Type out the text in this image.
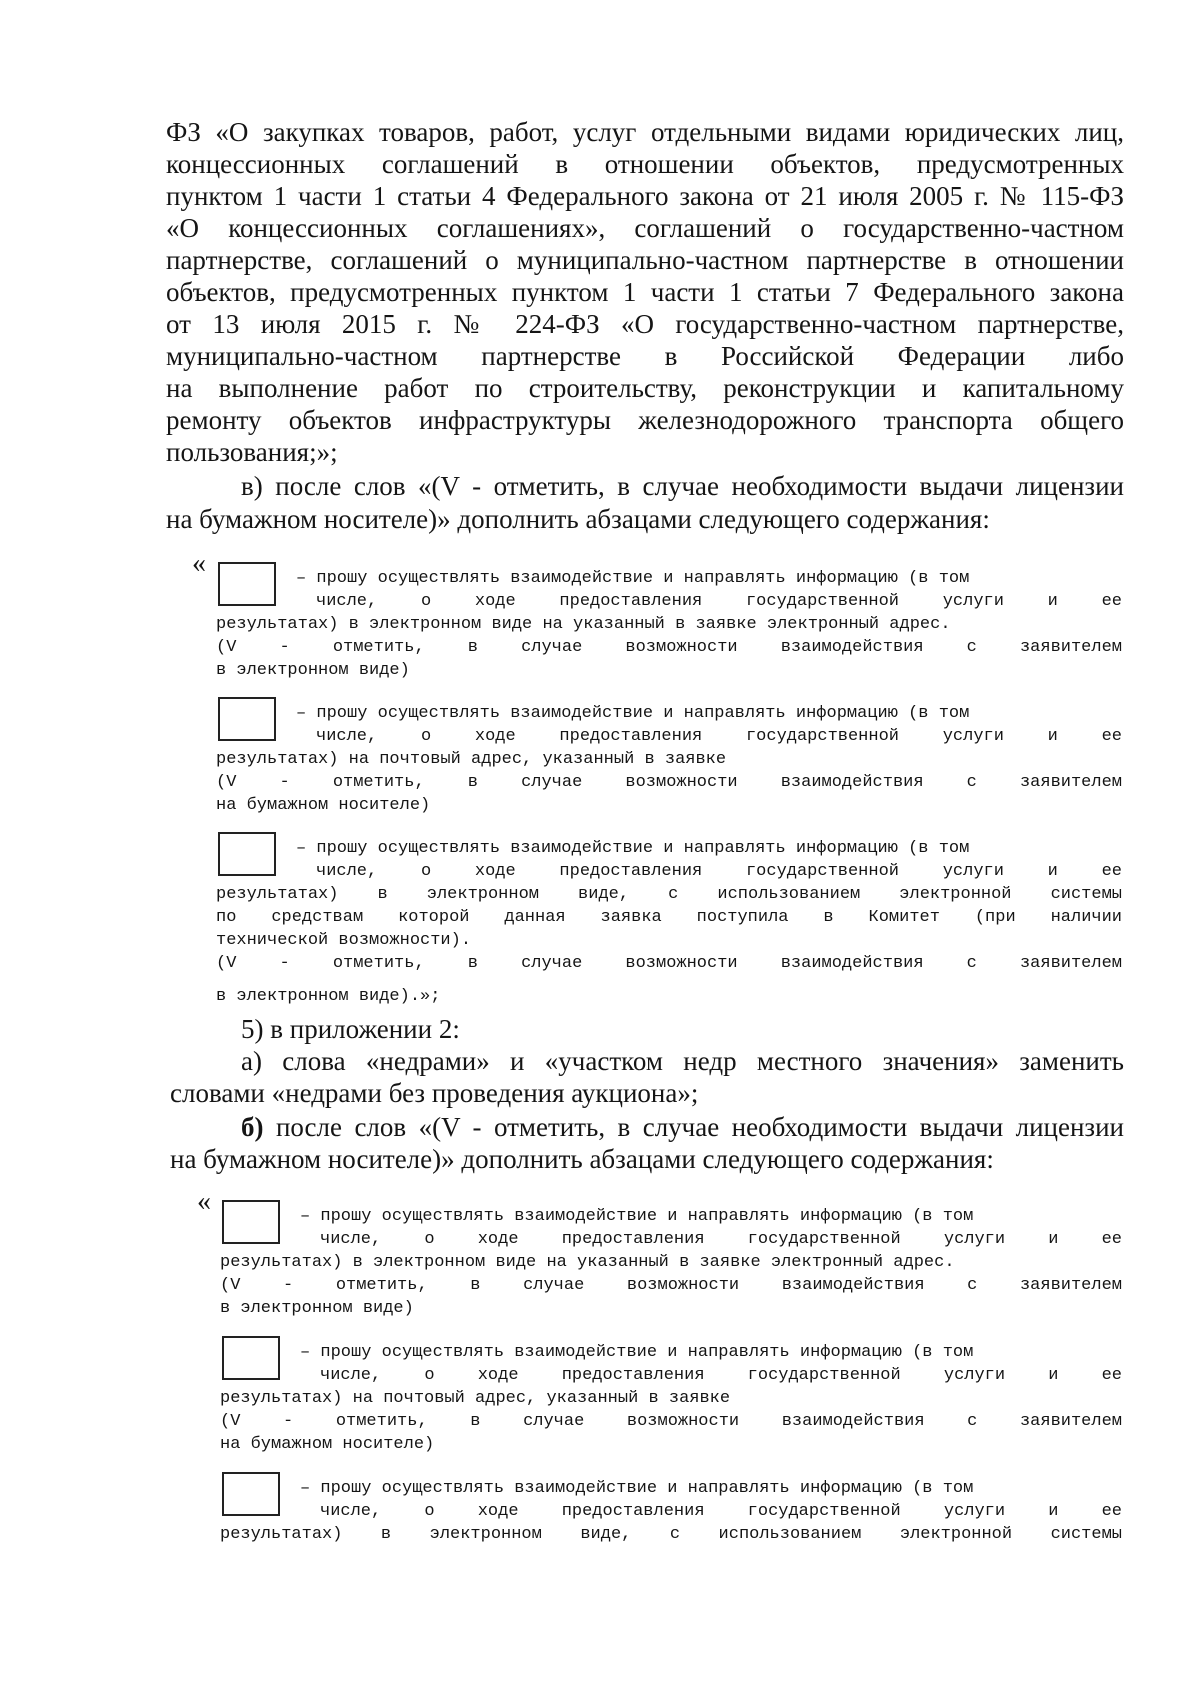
ФЗ «О закупках товаров, работ, услуг отдельными видами юридических лиц,

концессионных соглашений в отношении объектов, предусмотренных

пунктом 1 части 1 статьи 4 Федерального закона от 21 июля 2005 г. № 115-ФЗ

«О концессионных соглашениях», соглашений о государственно-частном

партнерстве, соглашений о муниципально-частном партнерстве в отношении

объектов, предусмотренных пунктом 1 части 1 статьи 7 Федерального закона

от 13 июля 2015 г. № 224-ФЗ «О государственно-частном партнерстве,

муниципально-частном партнерстве в Российской Федерации либо

на выполнение работ по строительству, реконструкции и капитальному

ремонту объектов инфраструктуры железнодорожного транспорта общего

пользования;»;

в) после слов «(V - отметить, в случае необходимости выдачи лицензии

на бумажном носителе)» дополнить абзацами следующего содержания:

«	– прошу осуществлять взаимодействие и направлять информацию (в том

числе, о ходе предоставления государственной услуги и ее

результатах) в электронном виде на указанный в заявке электронный адрес.

(V - отметить, в случае возможности взаимодействия с заявителем

в электронном виде)

– прошу осуществлять взаимодействие и направлять информацию (в том

числе, о ходе предоставления государственной услуги и ее

результатах) на почтовый адрес, указанный в заявке

(V - отметить, в случае возможности взаимодействия с заявителем

на бумажном носителе)

– прошу осуществлять взаимодействие и направлять информацию (в том

числе, о ходе предоставления государственной услуги и ее

результатах) в электронном виде, с использованием электронной системы

по средствам которой данная заявка поступила в Комитет (при наличии

технической возможности).

(V - отметить, в случае возможности взаимодействия с заявителем

в электронном виде).»;

5) в приложении 2:

а) слова «недрами» и «участком недр местного значения» заменить

словами «недрами без проведения аукциона»;

б) после слов «(V - отметить, в случае необходимости выдачи лицензии

на бумажном носителе)» дополнить абзацами следующего содержания:

«	– прошу осуществлять взаимодействие и направлять информацию (в том

числе, о ходе предоставления государственной услуги и ее

результатах) в электронном виде на указанный в заявке электронный адрес.

(V - отметить, в случае возможности взаимодействия с заявителем

в электронном виде)

– прошу осуществлять взаимодействие и направлять информацию (в том

числе, о ходе предоставления государственной услуги и ее

результатах) на почтовый адрес, указанный в заявке

(V - отметить, в случае возможности взаимодействия с заявителем

на бумажном носителе)

– прошу осуществлять взаимодействие и направлять информацию (в том

числе, о ходе предоставления государственной услуги и ее

результатах) в электронном виде, с использованием электронной системы
